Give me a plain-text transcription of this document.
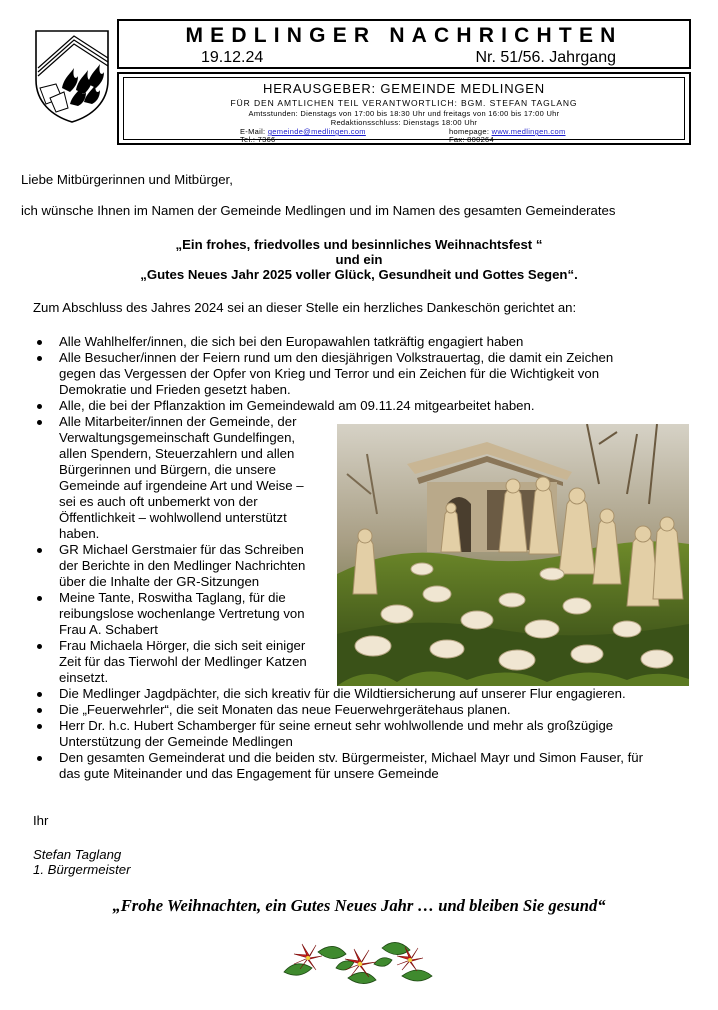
MEDLINGER NACHRICHTEN
19.12.24	Nr. 51/56. Jahrgang
HERAUSGEBER: GEMEINDE MEDLINGEN
FÜR DEN AMTLICHEN TEIL VERANTWORTLICH: BGM. STEFAN TAGLANG
Amtsstunden: Dienstags von 17:00 bis 18:30 Uhr und freitags von 16:00 bis 17:00 Uhr
Redaktionsschluss: Dienstags 18:00 Uhr
E-Mail: gemeinde@medlingen.com
Tel.: 7366
homepage: www.medlingen.com
Fax: 800264
Liebe Mitbürgerinnen und Mitbürger,
ich wünsche Ihnen im Namen der Gemeinde Medlingen und im Namen des gesamten Gemeinderates
„Ein frohes, friedvolles und besinnliches Weihnachtsfest “
und ein
„Gutes Neues Jahr 2025 voller Glück, Gesundheit und Gottes Segen“.
Zum Abschluss des Jahres 2024 sei an dieser Stelle ein herzliches Dankeschön gerichtet an:
Alle Wahlhelfer/innen, die sich bei den Europawahlen tatkräftig engagiert haben
Alle Besucher/innen der Feiern rund um den diesjährigen Volkstrauertag, die damit ein Zeichen
gegen das Vergessen der Opfer von Krieg und Terror und ein Zeichen für die Wichtigkeit von
Demokratie und Frieden gesetzt haben.
Alle, die bei der Pflanzaktion im Gemeindewald am 09.11.24 mitgearbeitet haben.
Alle Mitarbeiter/innen der Gemeinde, der
Verwaltungsgemeinschaft Gundelfingen,
allen Spendern, Steuerzahlern und allen
Bürgerinnen und Bürgern, die unsere
Gemeinde auf irgendeine Art und Weise –
sei es auch oft unbemerkt von der
Öffentlichkeit – wohlwollend unterstützt
haben.
GR Michael Gerstmaier für das Schreiben
der Berichte in den Medlinger Nachrichten
über die Inhalte der GR-Sitzungen
Meine Tante, Roswitha Taglang, für die
reibungslose wochenlange Vertretung von
Frau A. Schabert
Frau Michaela Hörger, die sich seit einiger
Zeit für das Tierwohl der Medlinger Katzen
einsetzt.
Die Medlinger Jagdpächter, die sich kreativ für die Wildtiersicherung auf unserer Flur engagieren.
Die „Feuerwehrler“, die seit Monaten das neue Feuerwehrgerätehaus planen.
Herr Dr. h.c. Hubert Schamberger für seine erneut sehr wohlwollende und mehr als großzügige
Unterstützung der Gemeinde Medlingen
Den gesamten Gemeinderat und die beiden stv. Bürgermeister, Michael Mayr und Simon Fauser, für
das gute Miteinander und das Engagement für unsere Gemeinde
Ihr
Stefan Taglang
1. Bürgermeister
„Frohe Weihnachten, ein Gutes Neues Jahr … und bleiben Sie gesund“
